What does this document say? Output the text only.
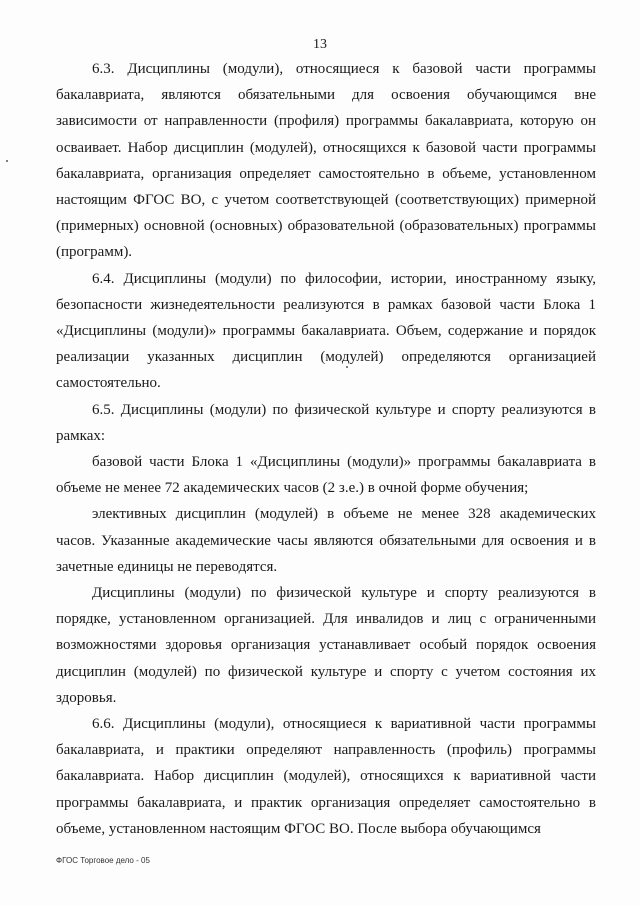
13

6.3. Дисциплины (модули), относящиеся к базовой части программы бакалавриата, являются обязательными для освоения обучающимся вне зависимости от направленности (профиля) программы бакалавриата, которую он осваивает. Набор дисциплин (модулей), относящихся к базовой части программы бакалавриата, организация определяет самостоятельно в объеме, установленном настоящим ФГОС ВО, с учетом соответствующей (соответствующих) примерной (примерных) основной (основных) образовательной (образовательных) программы (программ).

6.4. Дисциплины (модули) по философии, истории, иностранному языку, безопасности жизнедеятельности реализуются в рамках базовой части Блока 1 «Дисциплины (модули)» программы бакалавриата. Объем, содержание и порядок реализации указанных дисциплин (модулей) определяются организацией самостоятельно.

6.5. Дисциплины (модули) по физической культуре и спорту реализуются в рамках:

базовой части Блока 1 «Дисциплины (модули)» программы бакалавриата в объеме не менее 72 академических часов (2 з.е.) в очной форме обучения;

элективных дисциплин (модулей) в объеме не менее 328 академических часов. Указанные академические часы являются обязательными для освоения и в зачетные единицы не переводятся.

Дисциплины (модули) по физической культуре и спорту реализуются в порядке, установленном организацией. Для инвалидов и лиц с ограниченными возможностями здоровья организация устанавливает особый порядок освоения дисциплин (модулей) по физической культуре и спорту с учетом состояния их здоровья.

6.6. Дисциплины (модули), относящиеся к вариативной части программы бакалавриата, и практики определяют направленность (профиль) программы бакалавриата. Набор дисциплин (модулей), относящихся к вариативной части программы бакалавриата, и практик организация определяет самостоятельно в объеме, установленном настоящим ФГОС ВО. После выбора обучающимся

ФГОС Торговое дело - 05
